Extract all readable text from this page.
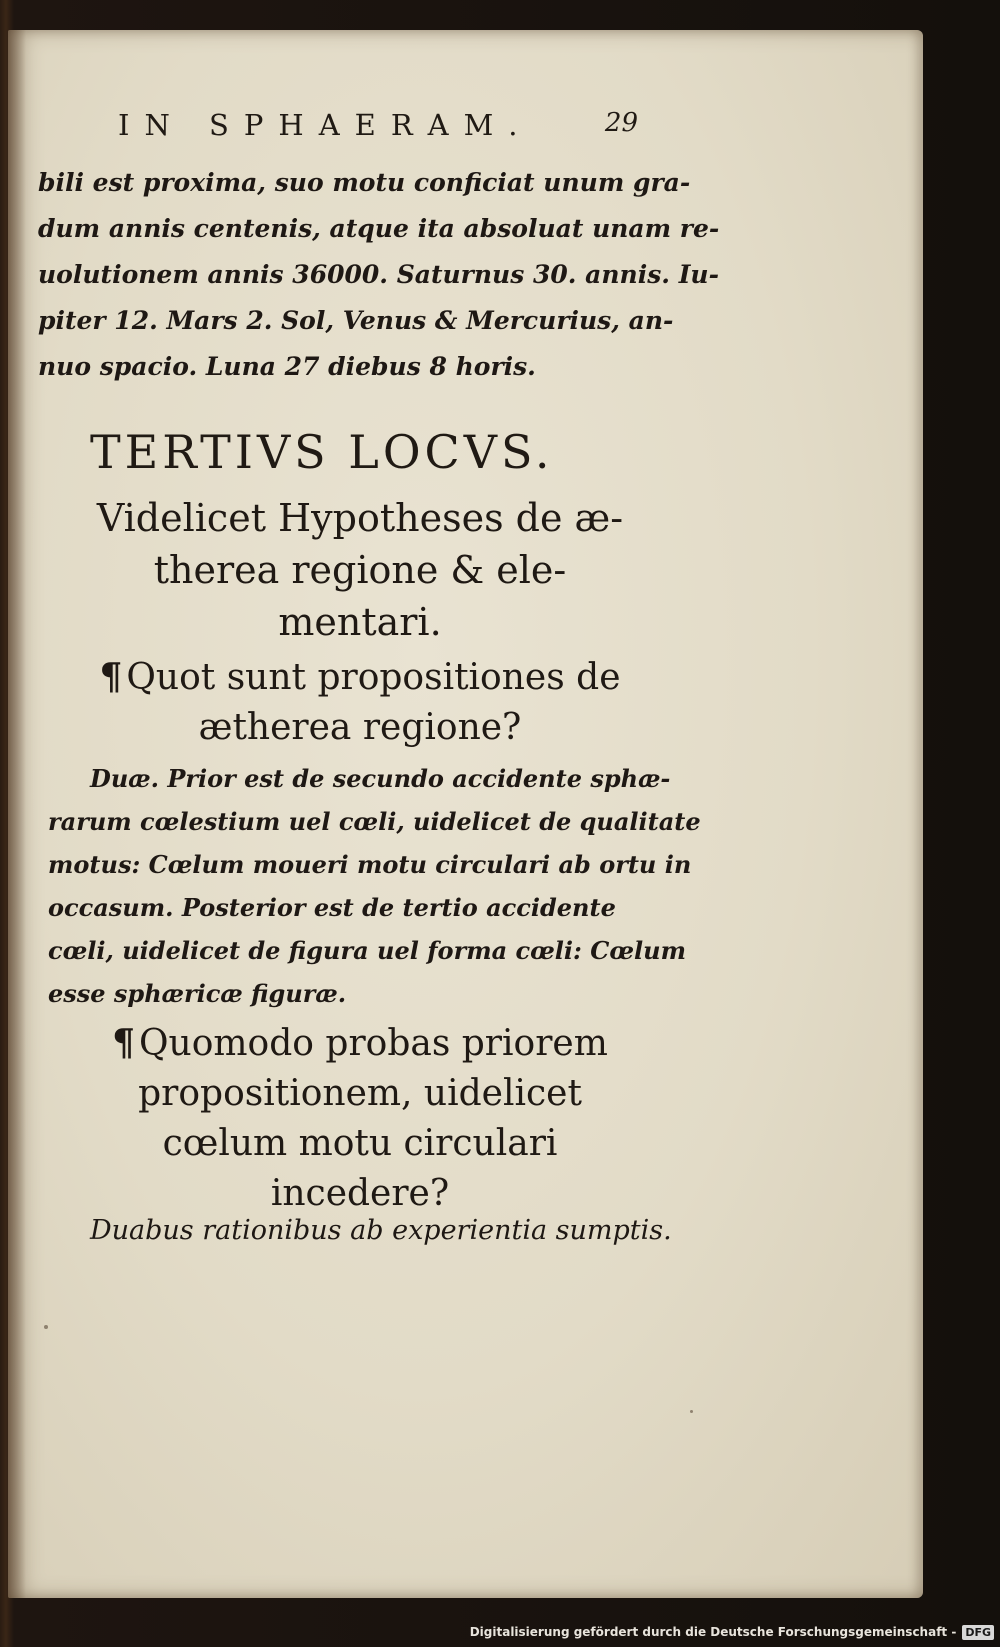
IN SPHAERAM.	29
bili est proxima, suo motu conficiat unum gra-
dum annis centenis, atque ita absoluat unam re-
uolutionem annis 36000. Saturnus 30. annis. Iu-
piter 12. Mars 2. Sol, Venus & Mercurius, an-
nuo spacio. Luna 27 diebus 8 horis.
TERTIVS LOCVS.
Videlicet Hypotheses de æ-
therea regione & ele-
mentari.
¶ Quot sunt propositiones de
ætherea regione?
Duæ. Prior est de secundo accidente sphæ-
rarum cœlestium uel cœli, uidelicet de qualitate
motus: Cœlum moueri motu circulari ab ortu in
occasum. Posterior est de tertio accidente
cœli, uidelicet de figura uel forma cœli: Cœlum
esse sphæricæ figuræ.
¶ Quomodo probas priorem
propositionem, uidelicet
cœlum motu circulari
incedere?
Duabus rationibus ab experientia sumptis.
Digitalisierung gefördert durch die Deutsche Forschungsgemeinschaft - DFG
